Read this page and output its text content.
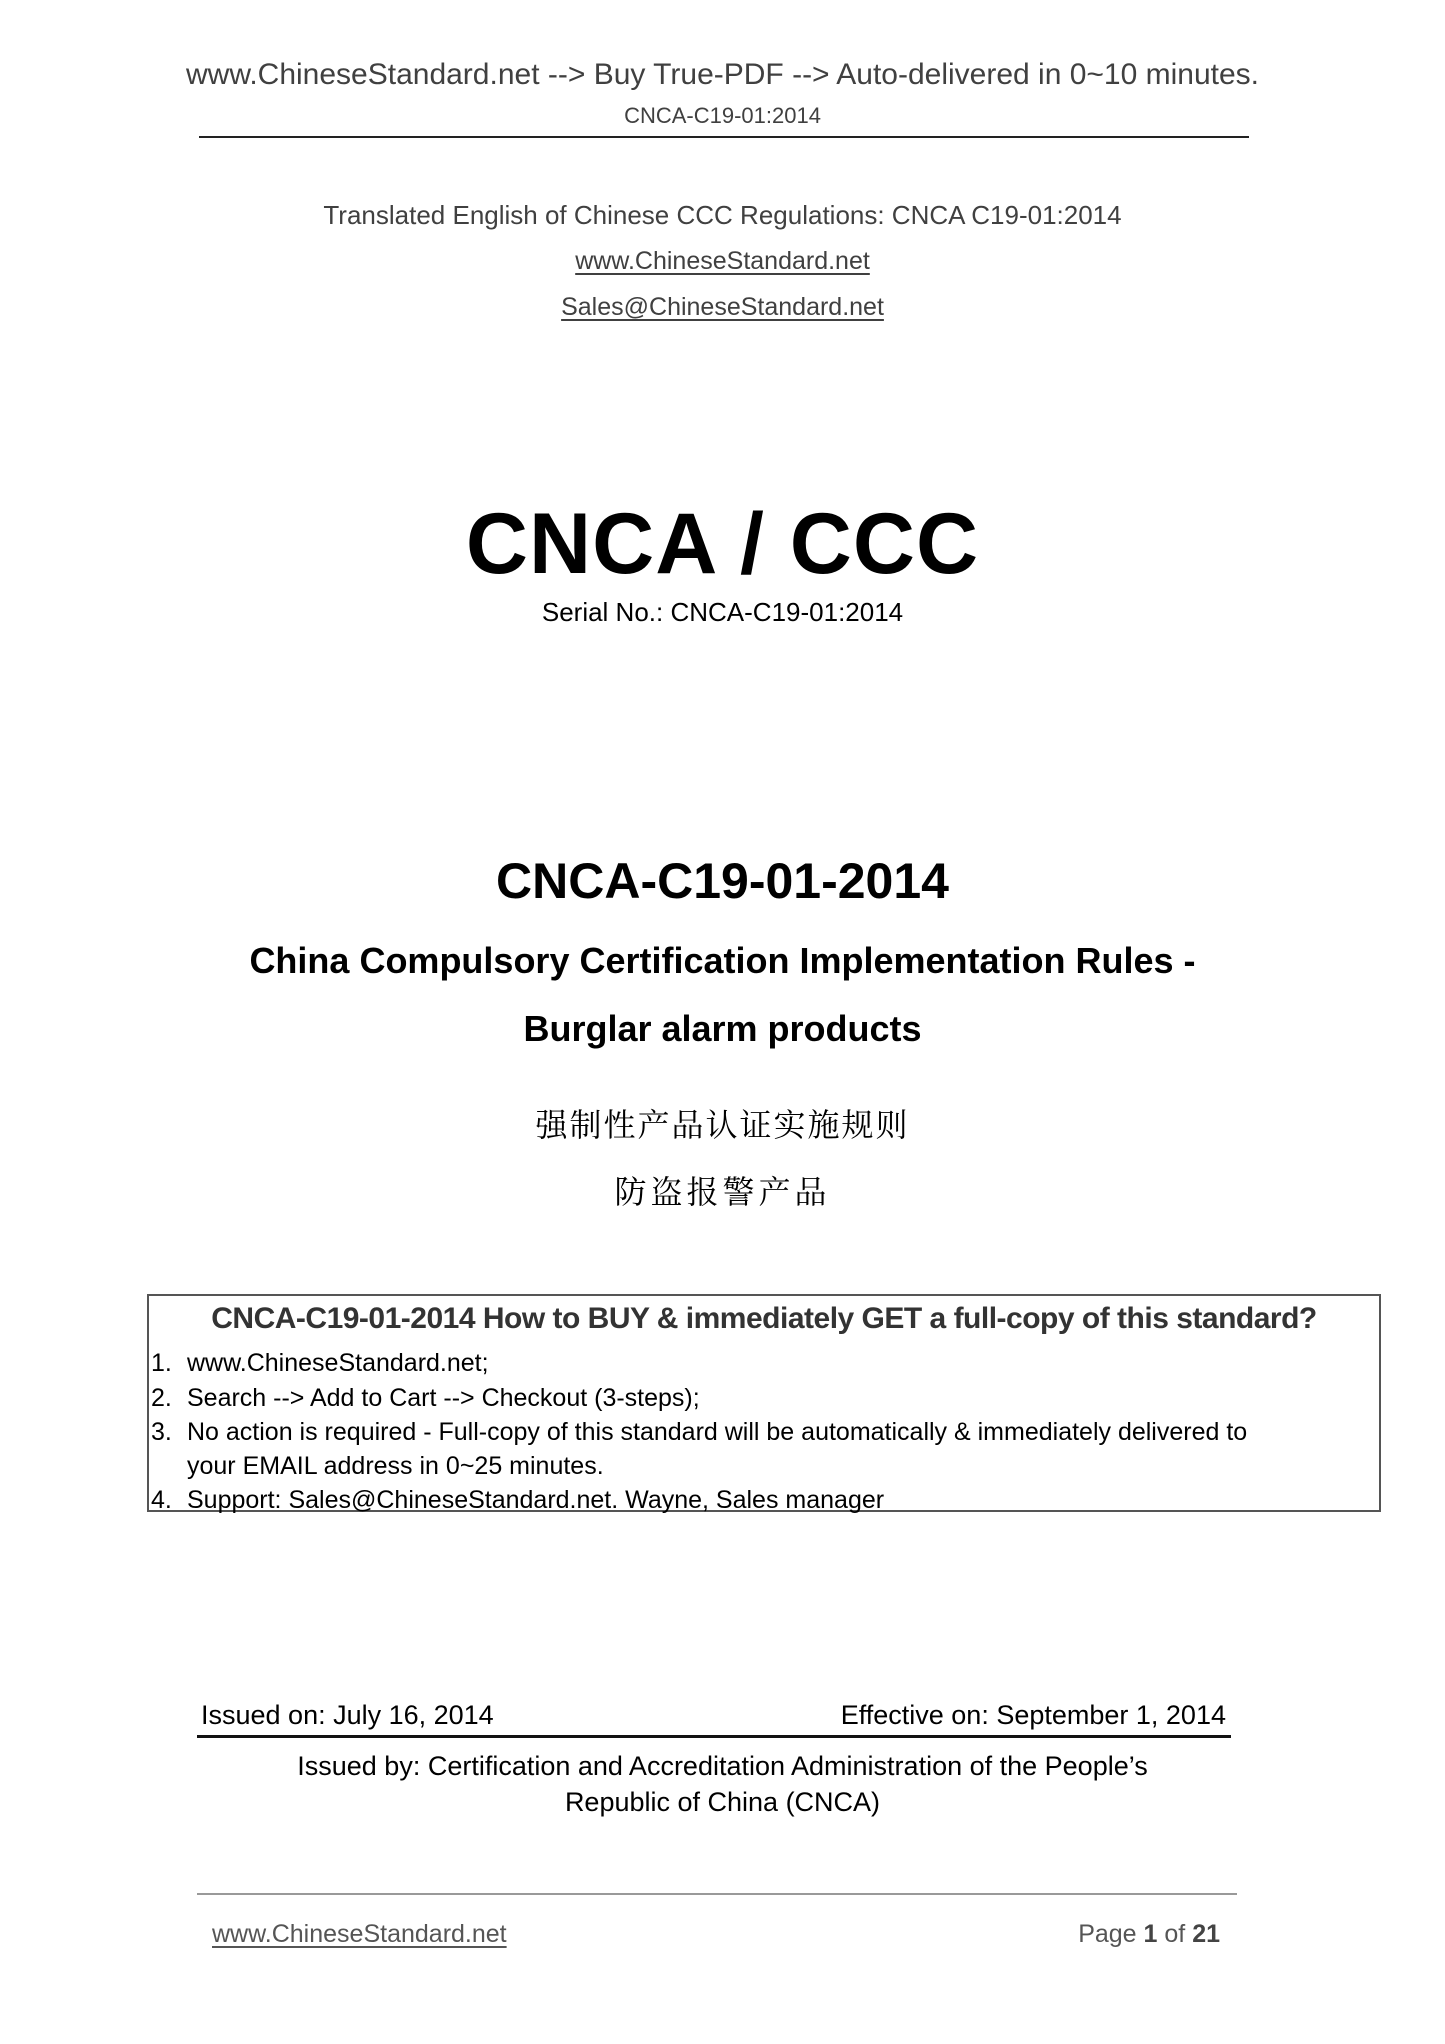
www.ChineseStandard.net --> Buy True-PDF --> Auto-delivered in 0~10 minutes.
CNCA-C19-01:2014
Translated English of Chinese CCC Regulations: CNCA C19-01:2014
www.ChineseStandard.net
Sales@ChineseStandard.net
CNCA / CCC
Serial No.: CNCA-C19-01:2014
CNCA-C19-01-2014
China Compulsory Certification Implementation Rules -
Burglar alarm products
强制性产品认证实施规则
防盗报警产品
CNCA-C19-01-2014 How to BUY & immediately GET a full-copy of this standard?
1. www.ChineseStandard.net;
2. Search --> Add to Cart --> Checkout (3-steps);
3. No action is required - Full-copy of this standard will be automatically & immediately delivered to
your EMAIL address in 0~25 minutes.
4. Support: Sales@ChineseStandard.net. Wayne, Sales manager
Issued on: July 16, 2014	Effective on: September 1, 2014
Issued by: Certification and Accreditation Administration of the People’s
Republic of China (CNCA)
www.ChineseStandard.net	Page 1 of 21
